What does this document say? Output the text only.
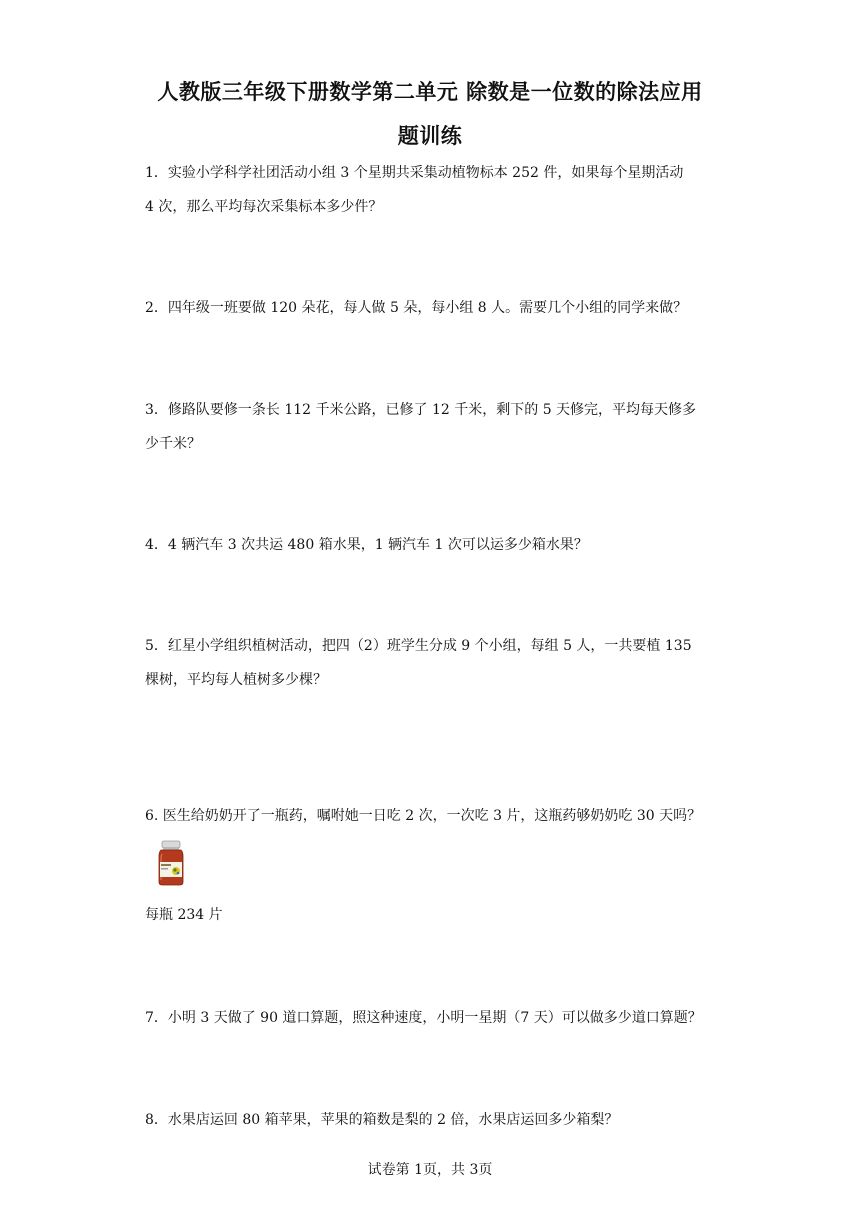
人教版三年级下册数学第二单元 除数是一位数的除法应用
题训练
1．实验小学科学社团活动小组 3 个星期共采集动植物标本 252 件，如果每个星期活动
4 次，那么平均每次采集标本多少件？
2．四年级一班要做 120 朵花，每人做 5 朵，每小组 8 人。需要几个小组的同学来做？
3．修路队要修一条长 112 千米公路，已修了 12 千米，剩下的 5 天修完，平均每天修多
少千米？
4．4 辆汽车 3 次共运 480 箱水果，1 辆汽车 1 次可以运多少箱水果？
5．红星小学组织植树活动，把四（2）班学生分成 9 个小组，每组 5 人，一共要植 135
棵树，平均每人植树多少棵？
6. 医生给奶奶开了一瓶药，嘱咐她一日吃 2 次，一次吃 3 片，这瓶药够奶奶吃 30 天吗？
每瓶 234 片
7．小明 3 天做了 90 道口算题，照这种速度，小明一星期（7 天）可以做多少道口算题？
8．水果店运回 80 箱苹果，苹果的箱数是梨的 2 倍，水果店运回多少箱梨？
试卷第 1页，共 3页
